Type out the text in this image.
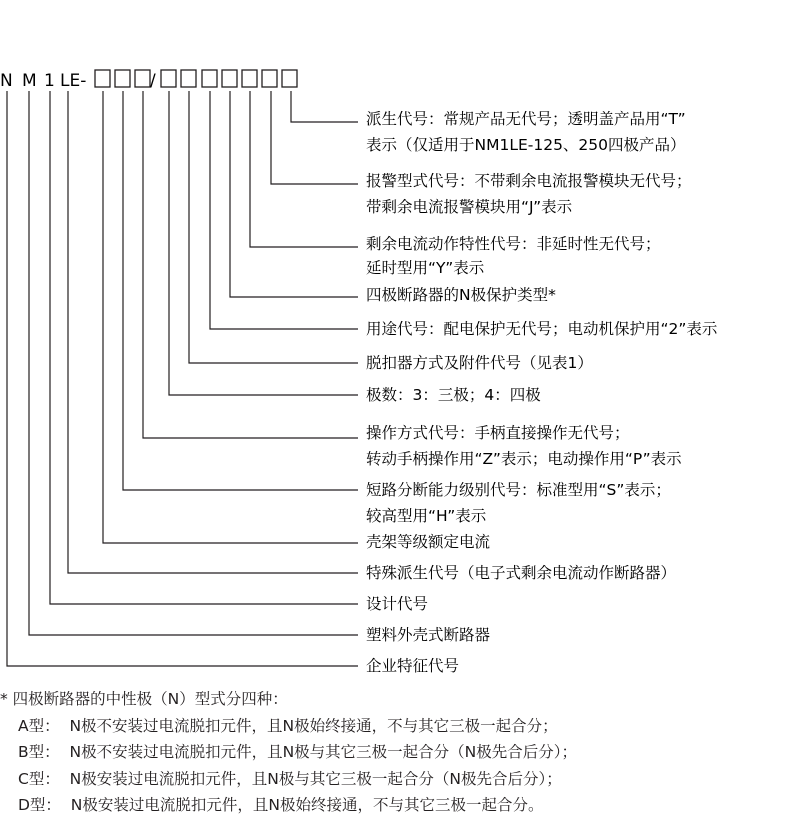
N M 1 LE-	/
派生代号：常规产品无代号；透明盖产品用“T”
表示（仅适用于NM1LE-125、250四极产品）
报警型式代号：不带剩余电流报警模块无代号；
带剩余电流报警模块用“J”表示
剩余电流动作特性代号：非延时性无代号；
延时型用“Y”表示
四极断路器的N极保护类型*
用途代号：配电保护无代号；电动机保护用“2”表示
脱扣器方式及附件代号（见表1）
极数：3：三极；4：四极
操作方式代号：手柄直接操作无代号；
转动手柄操作用“Z”表示；电动操作用“P”表示
短路分断能力级别代号：标准型用“S”表示；
较高型用“H”表示
壳架等级额定电流
特殊派生代号（电子式剩余电流动作断路器）
设计代号
塑料外壳式断路器
企业特征代号
* 四极断路器的中性极（N）型式分四种：
A型：  N极不安装过电流脱扣元件，且N极始终接通，不与其它三极一起合分；
B型：  N极不安装过电流脱扣元件，且N极与其它三极一起合分（N极先合后分）；
C型：  N极安装过电流脱扣元件，且N极与其它三极一起合分（N极先合后分）；
D型：  N极安装过电流脱扣元件，且N极始终接通，不与其它三极一起合分。
